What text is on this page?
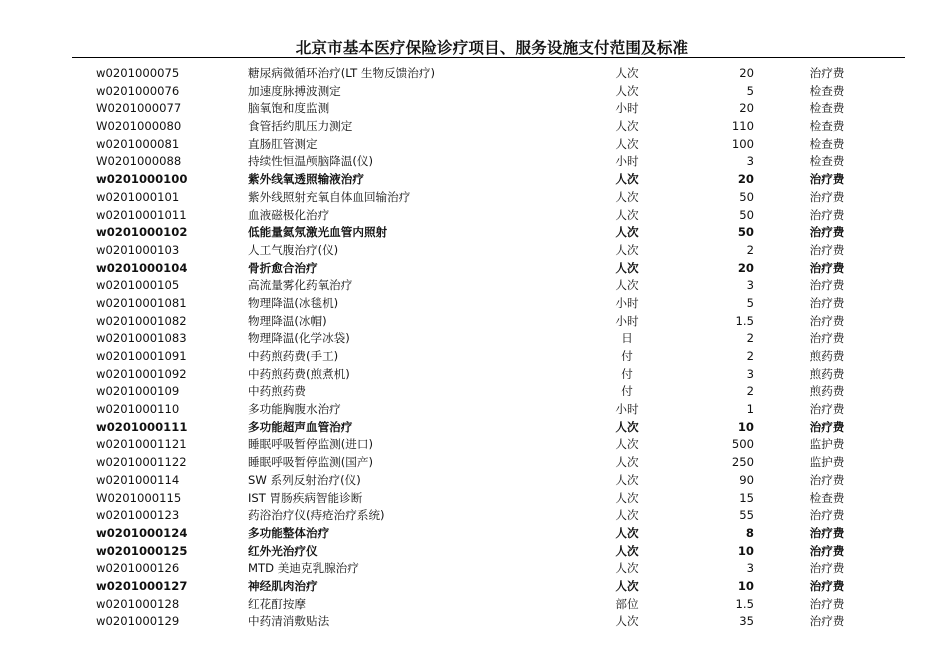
北京市基本医疗保险诊疗项目、服务设施支付范围及标准
w0201000075	糖尿病微循环治疗(LT 生物反馈治疗)	人次	20	治疗费
w0201000076	加速度脉搏波测定	人次	5	检查费
W0201000077	脑氧饱和度监测	小时	20	检查费
W0201000080	食管括约肌压力测定	人次	110	检查费
w0201000081	直肠肛管测定	人次	100	检查费
W0201000088	持续性恒温颅脑降温(仪)	小时	3	检查费
w0201000100	紫外线氧透照输液治疗	人次	20	治疗费
w0201000101	紫外线照射充氧自体血回输治疗	人次	50	治疗费
w02010001011	血液磁极化治疗	人次	50	治疗费
w0201000102	低能量氦氖激光血管内照射	人次	50	治疗费
w0201000103	人工气腹治疗(仪)	人次	2	治疗费
w0201000104	骨折愈合治疗	人次	20	治疗费
w0201000105	高流量雾化药氧治疗	人次	3	治疗费
w02010001081	物理降温(冰毯机)	小时	5	治疗费
w02010001082	物理降温(冰帽)	小时	1.5	治疗费
w02010001083	物理降温(化学冰袋)	日	2	治疗费
w02010001091	中药煎药费(手工)	付	2	煎药费
w02010001092	中药煎药费(煎煮机)	付	3	煎药费
w0201000109	中药煎药费	付	2	煎药费
w0201000110	多功能胸腹水治疗	小时	1	治疗费
w0201000111	多功能超声血管治疗	人次	10	治疗费
w02010001121	睡眠呼吸暂停监测(进口)	人次	500	监护费
w02010001122	睡眠呼吸暂停监测(国产)	人次	250	监护费
w0201000114	SW 系列反射治疗(仪)	人次	90	治疗费
W0201000115	IST 胃肠疾病智能诊断	人次	15	检查费
w0201000123	药浴治疗仪(痔疮治疗系统)	人次	55	治疗费
w0201000124	多功能整体治疗	人次	8	治疗费
w0201000125	红外光治疗仪	人次	10	治疗费
w0201000126	MTD 美迪克乳腺治疗	人次	3	治疗费
w0201000127	神经肌肉治疗	人次	10	治疗费
w0201000128	红花酊按摩	部位	1.5	治疗费
w0201000129	中药清消敷贴法	人次	35	治疗费
